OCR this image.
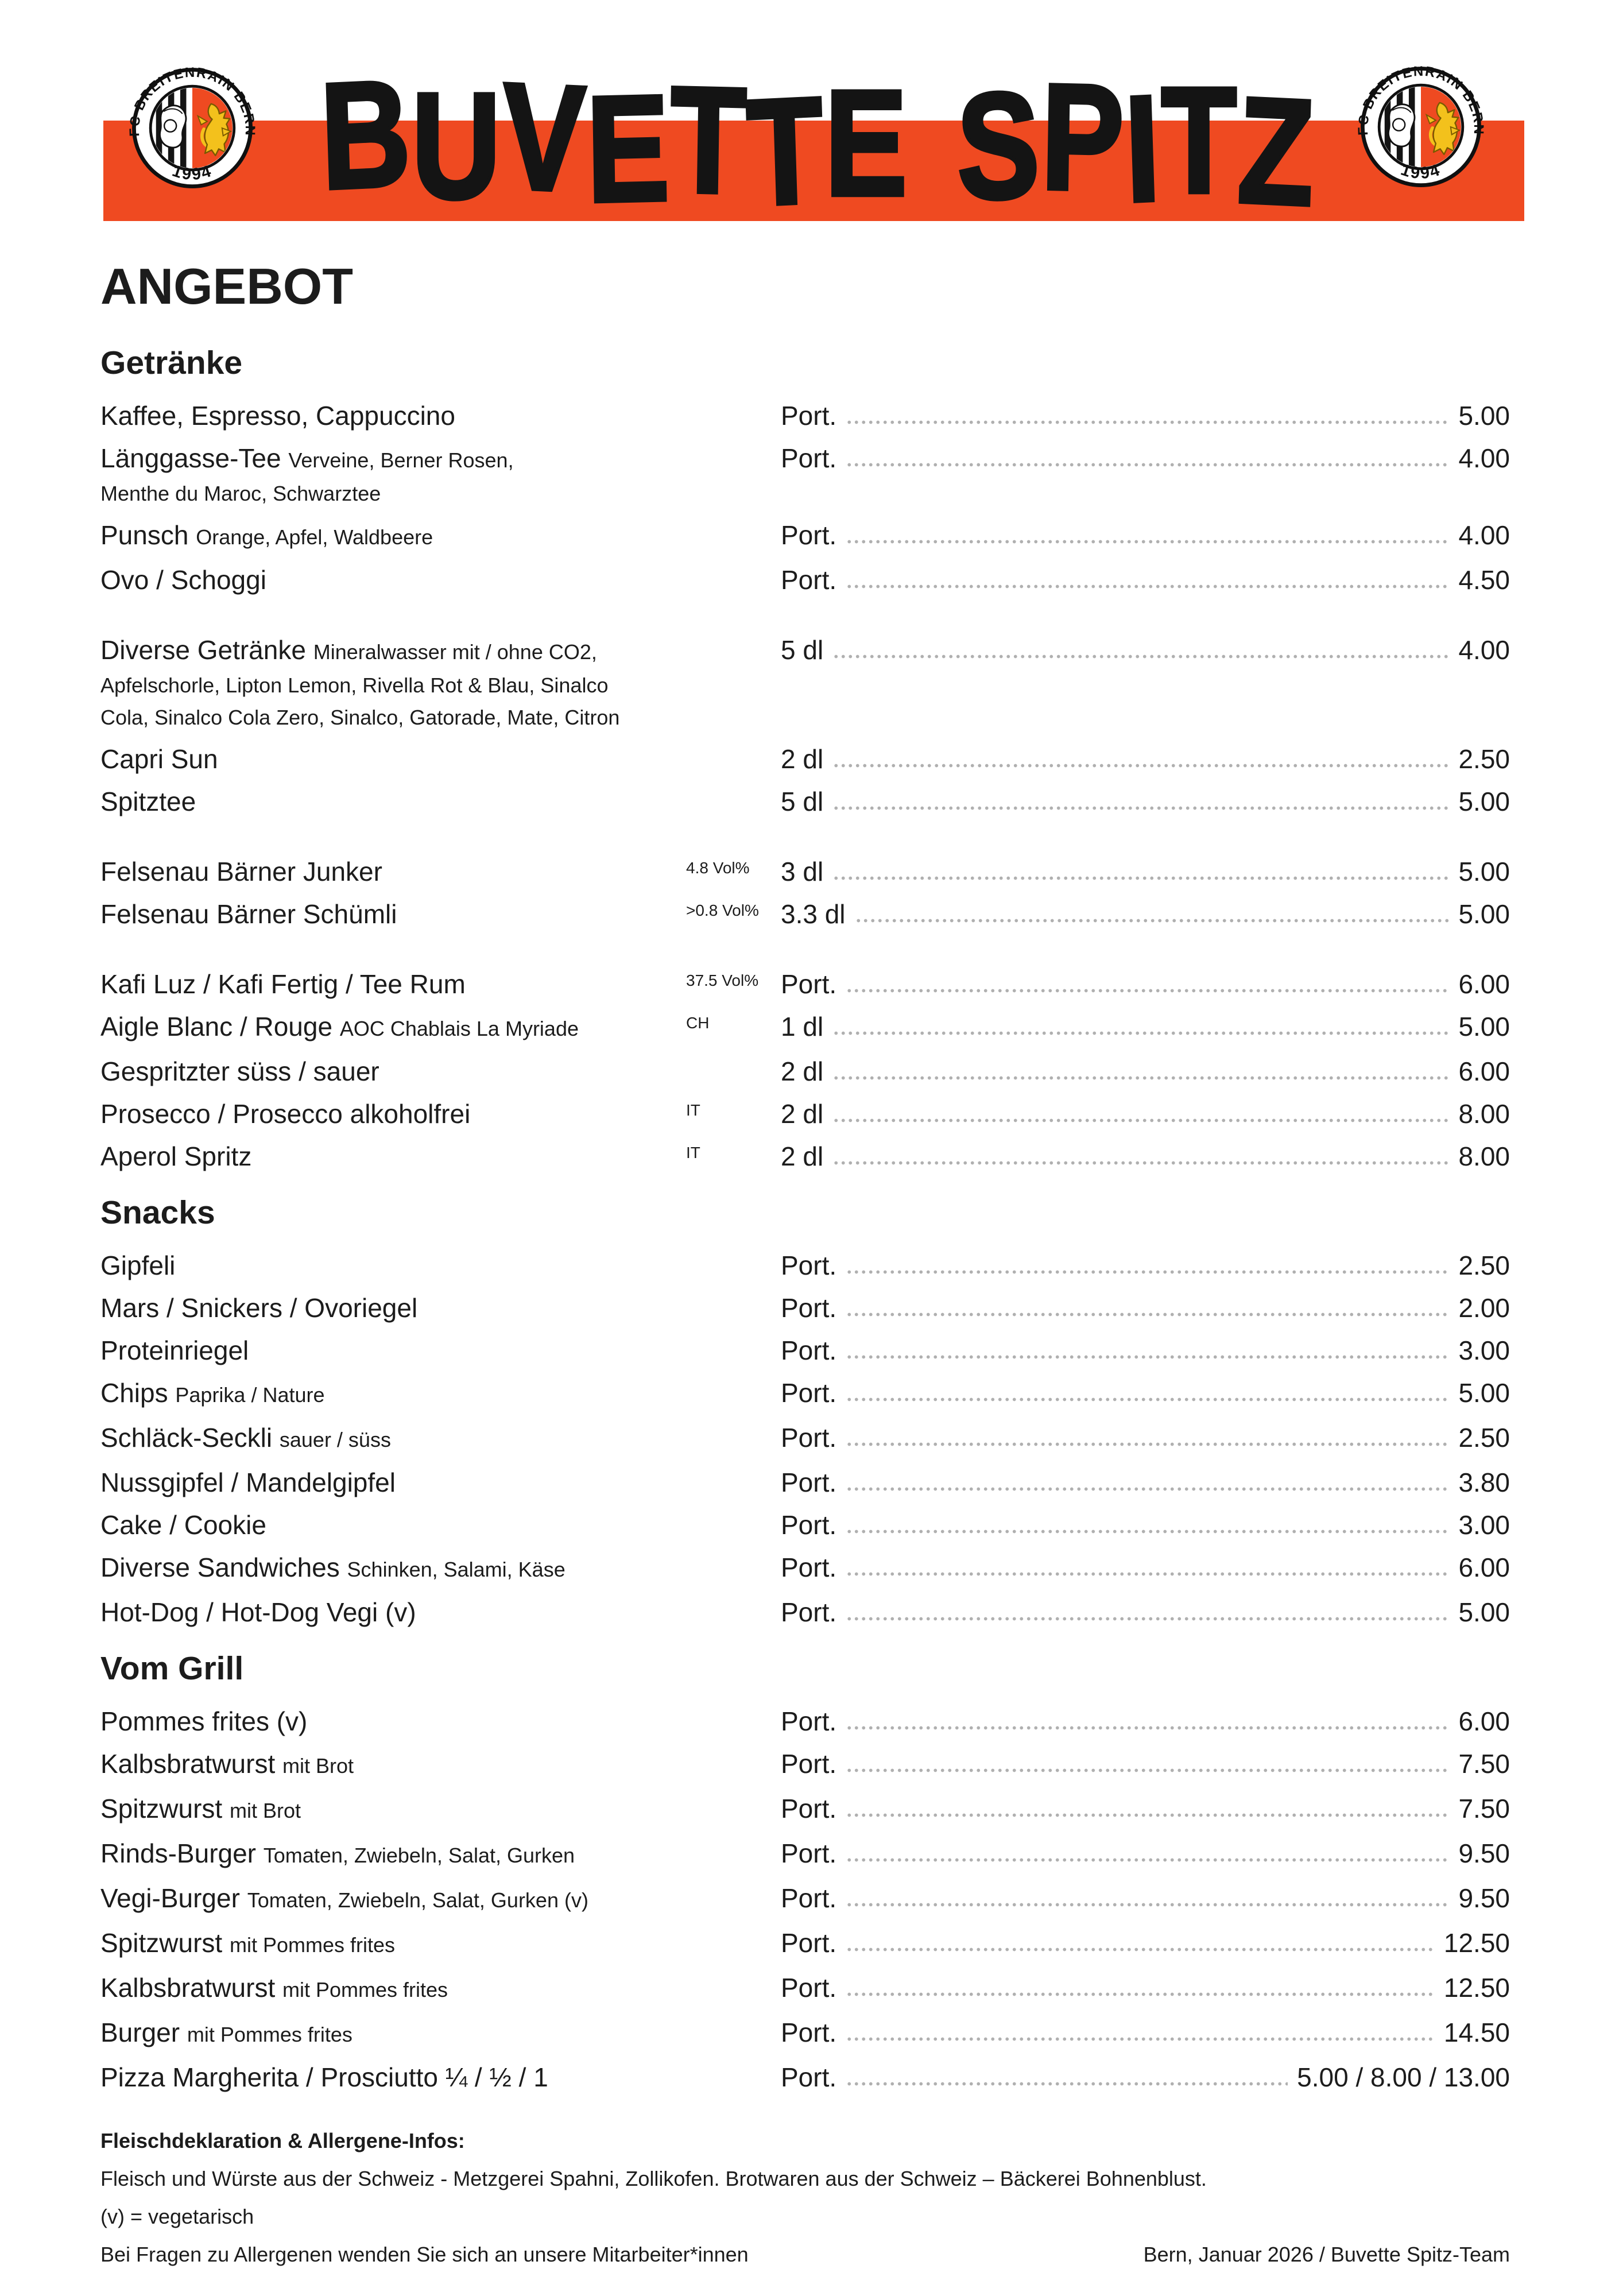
BUVETTE SPITZ
ANGEBOT
Getränke
Kaffee, Espresso, Cappuccino	Port.	5.00
Länggasse-Tee Verveine, Berner Rosen,
Menthe du Maroc, Schwarztee
Port.	4.00
Punsch Orange, Apfel, Waldbeere	Port.	4.00
Ovo / Schoggi	Port.	4.50
Diverse Getränke Mineralwasser mit / ohne CO2,
Apfelschorle, Lipton Lemon, Rivella Rot & Blau, Sinalco
Cola, Sinalco Cola Zero, Sinalco, Gatorade, Mate, Citron
5 dl	4.00
Capri Sun	2 dl	2.50
Spitztee	5 dl	5.00
Felsenau Bärner Junker	4.8 Vol%	3 dl	5.00
Felsenau Bärner Schümli	>0.8 Vol% 3.3 dl	5.00
Kafi Luz / Kafi Fertig / Tee Rum	37.5 Vol% Port.	6.00
Aigle Blanc / Rouge AOC Chablais La Myriade	CH	1 dl	5.00
Gespritzter süss / sauer	2 dl	6.00
Prosecco / Prosecco alkoholfrei	IT	2 dl	8.00
Aperol Spritz	IT	2 dl	8.00
Snacks
Gipfeli	Port.	2.50
Mars / Snickers / Ovoriegel	Port.	2.00
Proteinriegel	Port.	3.00
Chips Paprika / Nature	Port.	5.00
Schläck-Seckli sauer / süss	Port.	2.50
Nussgipfel / Mandelgipfel	Port.	3.80
Cake / Cookie	Port.	3.00
Diverse Sandwiches Schinken, Salami, Käse	Port.	6.00
Hot-Dog / Hot-Dog Vegi (v)	Port.	5.00
Vom Grill
Pommes frites (v)	Port.	6.00
Kalbsbratwurst mit Brot	Port.	7.50
Spitzwurst mit Brot	Port.	7.50
Rinds-Burger Tomaten, Zwiebeln, Salat, Gurken	Port.	9.50
Vegi-Burger Tomaten, Zwiebeln, Salat, Gurken (v)	Port.	9.50
Spitzwurst mit Pommes frites	Port.	12.50
Kalbsbratwurst mit Pommes frites	Port.	12.50
Burger mit Pommes frites	Port.	14.50
Pizza Margherita / Prosciutto ¼ / ½ / 1	Port.	5.00 / 8.00 / 13.00
Fleischdeklaration & Allergene-Infos:
Fleisch und Würste aus der Schweiz - Metzgerei Spahni, Zollikofen. Brotwaren aus der Schweiz – Bäckerei Bohnenblust.
(v) = vegetarisch
Bei Fragen zu Allergenen wenden Sie sich an unsere Mitarbeiter*innen	Bern, Januar 2026 / Buvette Spitz-Team
